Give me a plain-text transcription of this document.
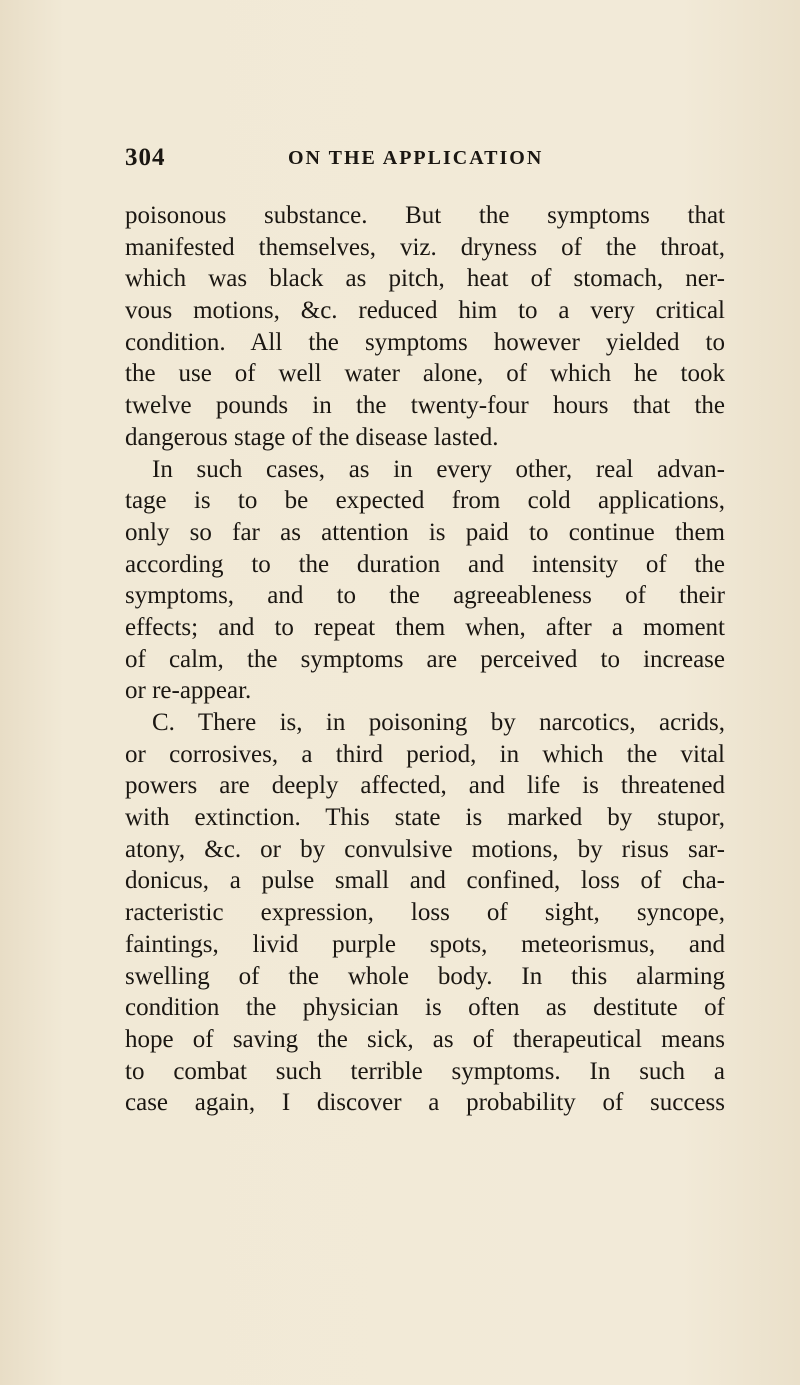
304	ON THE APPLICATION
poisonous substance. But the symptoms that
manifested themselves, viz. dryness of the throat,
which was black as pitch, heat of stomach, ner-
vous motions, &c. reduced him to a very critical
condition. All the symptoms however yielded to
the use of well water alone, of which he took
twelve pounds in the twenty-four hours that the
dangerous stage of the disease lasted.
In such cases, as in every other, real advan-
tage is to be expected from cold applications,
only so far as attention is paid to continue them
according to the duration and intensity of the
symptoms, and to the agreeableness of their
effects; and to repeat them when, after a moment
of calm, the symptoms are perceived to increase
or re-appear.
C. There is, in poisoning by narcotics, acrids,
or corrosives, a third period, in which the vital
powers are deeply affected, and life is threatened
with extinction. This state is marked by stupor,
atony, &c. or by convulsive motions, by risus sar-
donicus, a pulse small and confined, loss of cha-
racteristic expression, loss of sight, syncope,
faintings, livid purple spots, meteorismus, and
swelling of the whole body. In this alarming
condition the physician is often as destitute of
hope of saving the sick, as of therapeutical means
to combat such terrible symptoms. In such a
case again, I discover a probability of success
